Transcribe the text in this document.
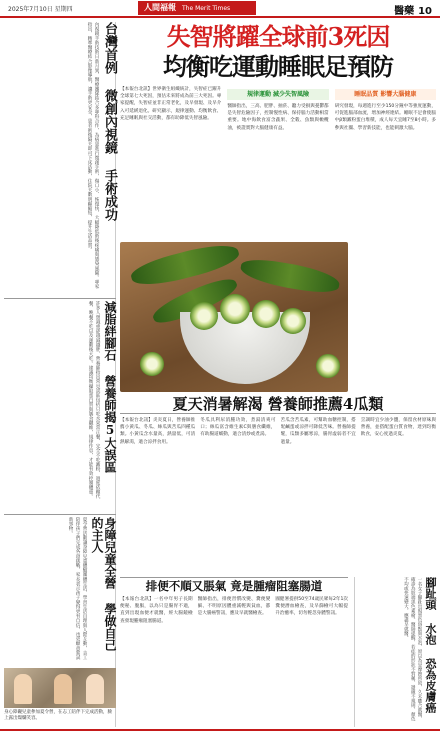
2025年7月10日 星期四	人間福報 The Merit Times	醫藥 10
台灣首例 微創內視鏡 手術成功
內視鏡手術技術日新月異，醫療團隊結合多專科合作，為病患進行微創手術，傷口小、恢復快，大幅降低術後疼痛與感染風險。專家指出，精準醫療結合影像導航，讓手術更安全，患者術後隔天即可下床活動，住院天數明顯縮短，提升生活品質。
減脂絆腳石 營養師揭5大誤區
許多人想減重卻越減越胖，營養師指出常見誤區包括只吃水果當正餐、完全不吃澱粉、過度依賴代餐、晚餐不吃以及運動後大吃。建議均衡攝取蛋白質與膳食纖維，規律作息，才能有效控制體重。
身障兒童全營 學做自己的主人
夏令營活動讓身障兒童體驗團體生活，學習生活自理與人際互動，志工陪伴孩子們完成各項挑戰，家長表示孩子變得更有自信，也更願意嘗試新事物。
身心障礙兒童參加夏令營，在志工陪伴下完成活動，臉上露出燦爛笑容。
失智將躍全球前3死因
均衡吃運動睡眠足預防
【本報台北訊】世界衛生組織統計，失智症已躍升全球第七大死因，預估未來將成為前三大死因。專家提醒，失智症並非正常老化，及早發現、及早介入可延緩退化。研究顯示，規律運動、均衡飲食、充足睡眠與社交活動，都有助降低失智風險。
規律運動 減少失智風險
醫師指出，三高、肥胖、抽菸、聽力受損與憂鬱都是失智危險因子，控制慢性病、保持腦力活動相當重要。地中海飲食富含蔬果、全穀、魚類與橄欖油，被證實對大腦健康有益。
睡眠品質 影響大腦健康
研究發現，每週進行至少150分鐘中等強度運動，可促進腦部血流，增加神經連結。睡眠不足會使腦中β類澱粉蛋白堆積，成人每天宜睡7至8小時。多參與社團、學習新技能，也能刺激大腦。
夏天消暑解渴 營養師推薦4瓜類
【本報台北訊】炎炎夏日，營養師推薦小黃瓜、冬瓜、絲瓜與苦瓜四種瓜類。小黃瓜含水量高，熱量低，可清熱解渴，適合涼拌食用。
冬瓜具利尿消腫功效，煮湯清爽可口；絲瓜富含維生素C與膳食纖維，有助腸道蠕動，適合清炒或煮湯。
苦瓜含苦瓜素，可幫助血糖控制，搭配鹹蛋或涼拌可降低苦味。營養師提醒，瓜類多屬寒涼，腸胃虛弱者不宜過量。
烹調時宜少油少鹽，保留食材原味與營養，並搭配蛋白質食物，達到均衡飲食，安心度過炎夏。
排便不順又脹氣 竟是腫瘤阻塞腸道
【本報台北訊】一名中年男子長期便秘、腹脹，以為只是腸胃不適，直到出現血便才就醫，經大腸鏡檢查發現腫瘤阻塞腸道。
醫師指出，排便習慣改變、糞便變細、不明原因體重減輕與貧血，都是大腸癌警訊，應及早就醫檢查。
國健署提供50至74歲民眾每2年1次糞便潛血檢查，及早篩檢可大幅提升治癒率，切勿輕忽身體警訊。	腳趾頭 水泡 恐為皮膚癌
一名女子腳趾出現黑色斑點與水泡，原以為是摩擦所致，久未癒合就醫，確診為肢端黑色素瘤。醫師提醒，若痣的形狀不對稱、邊緣不規則、顏色不均或快速變大，應盡早就醫。
